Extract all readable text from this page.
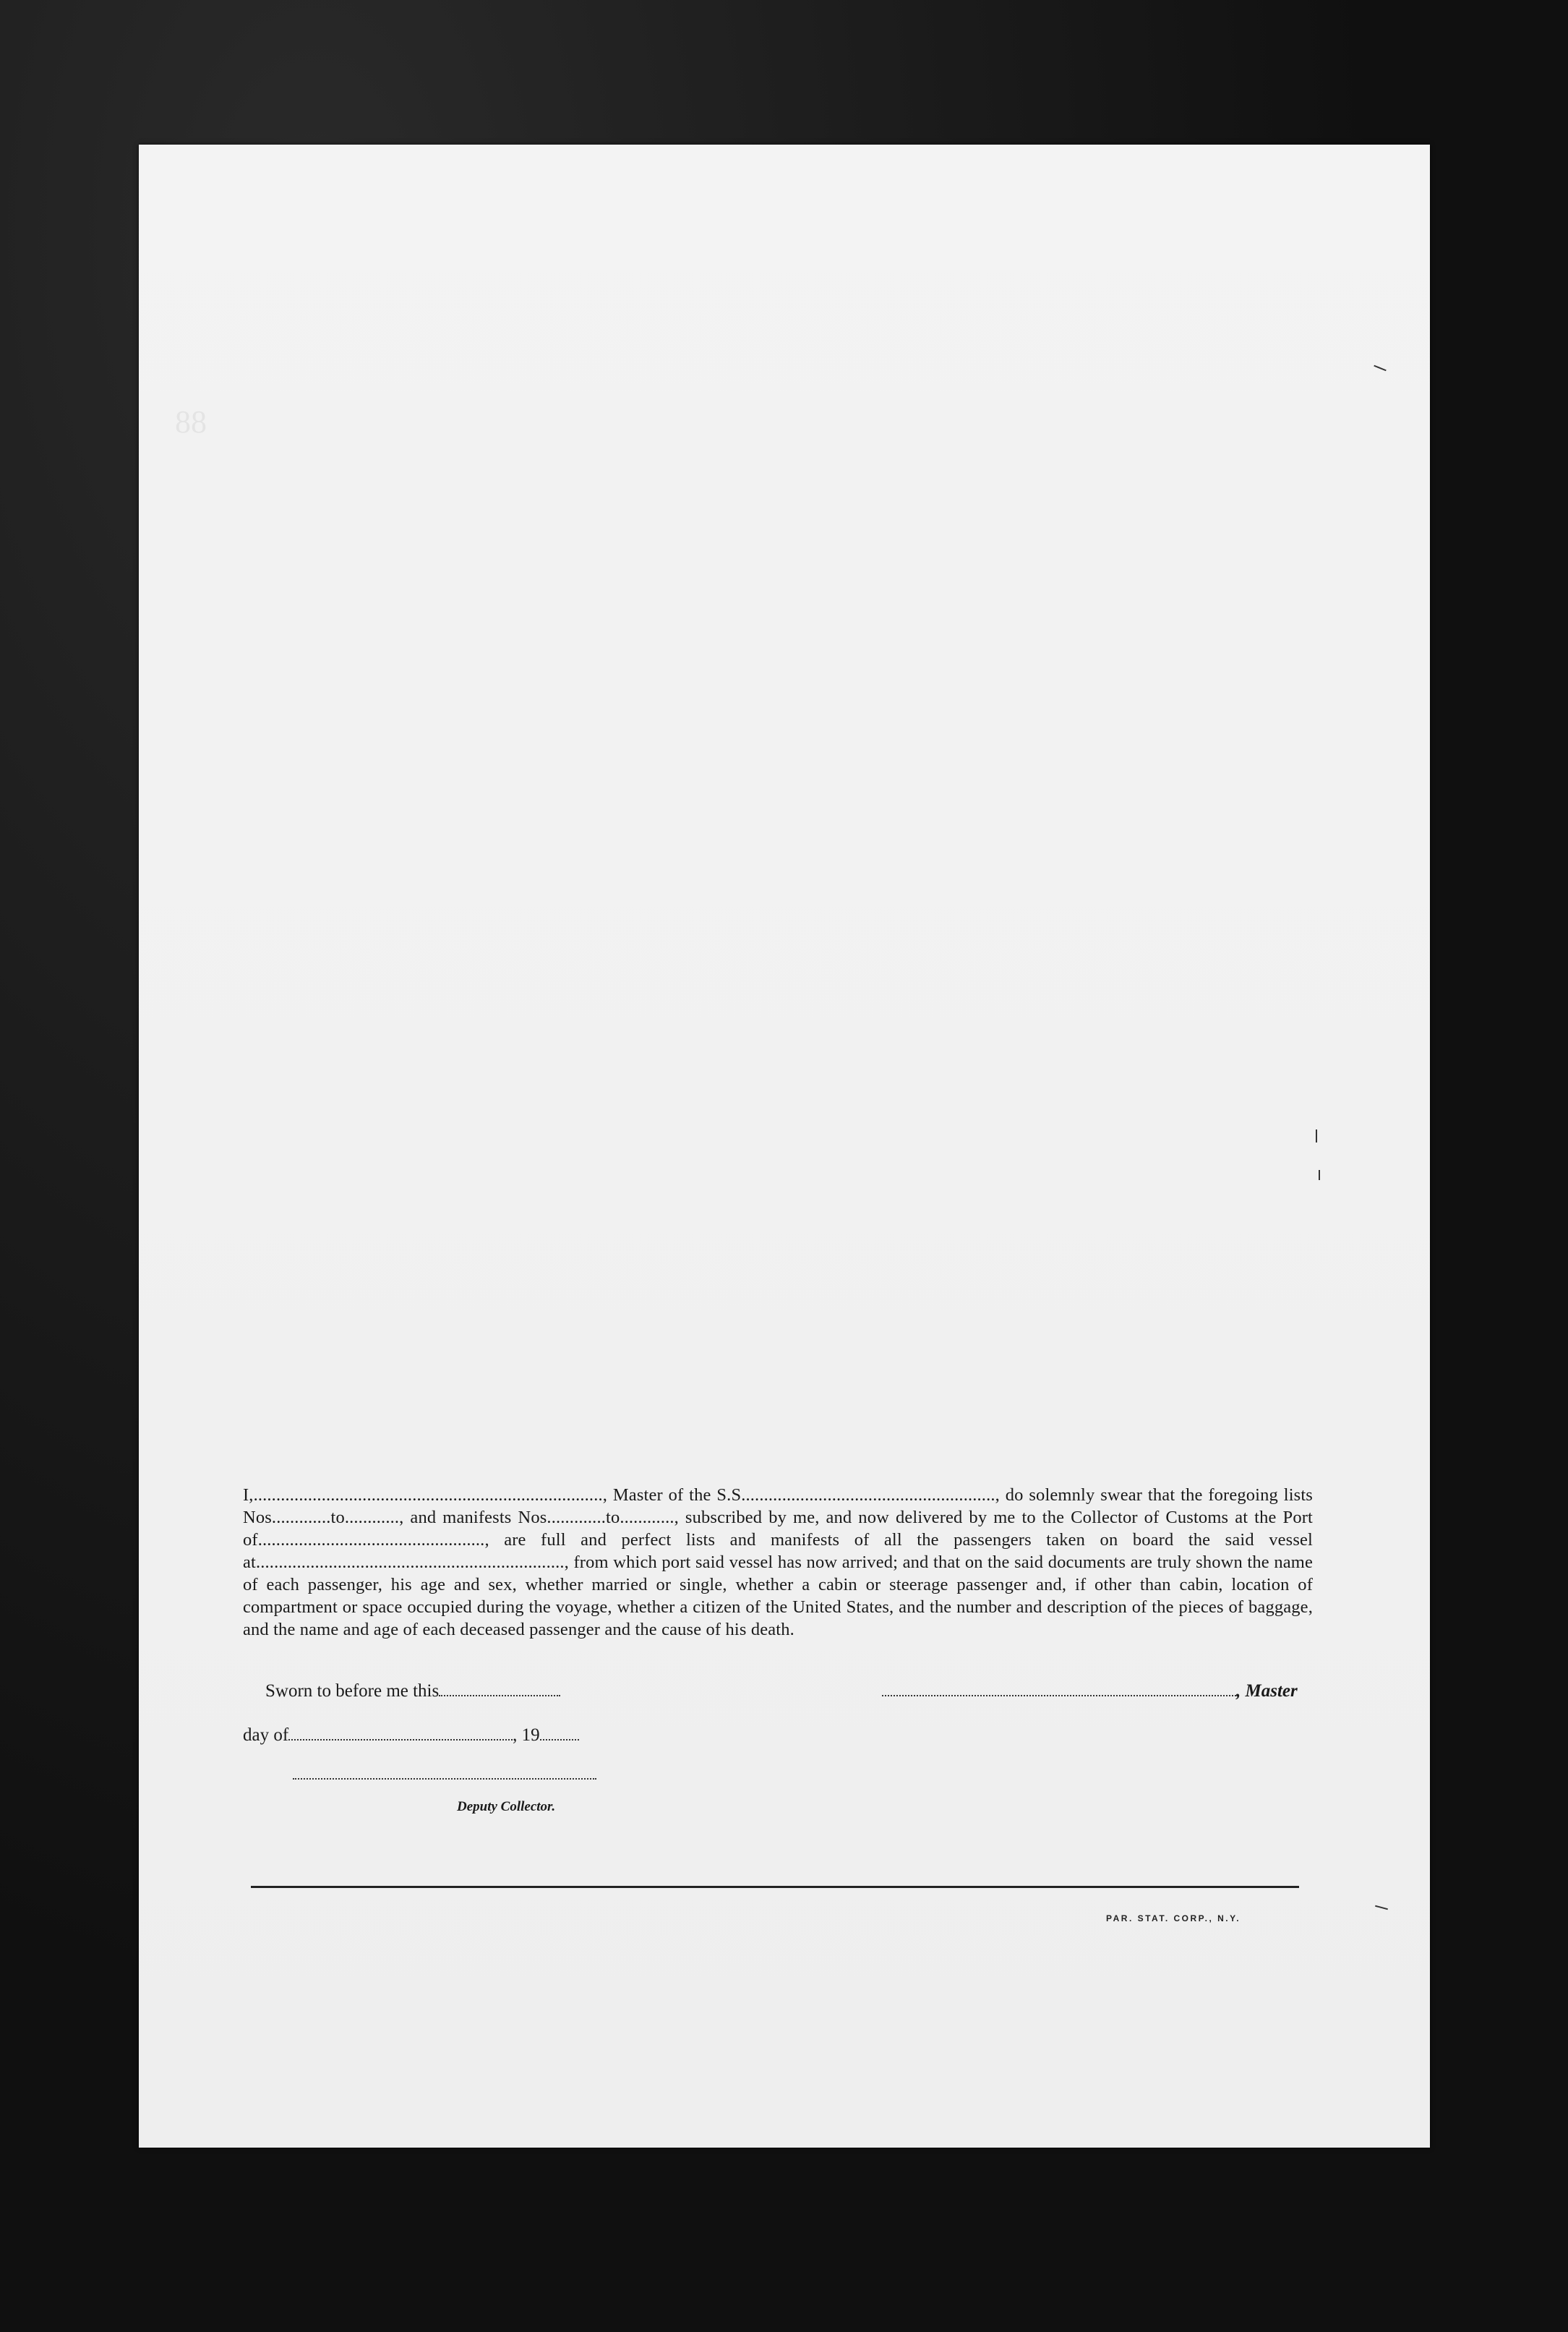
88

I,............................................................................., Master of the S.S........................................................, do solemnly swear that the foregoing lists Nos.............to............, and manifests Nos.............to............, subscribed by me, and now delivered by me to the Collector of Customs at the Port of.................................................., are full and perfect lists and manifests of all the passengers taken on board the said vessel at...................................................................., from which port said vessel has now arrived; and that on the said documents are truly shown the name of each passenger, his age and sex, whether married or single, whether a cabin or steerage passenger and, if other than cabin, location of compartment or space occupied during the voyage, whether a citizen of the United States, and the number and description of the pieces of baggage, and the name and age of each deceased passenger and the cause of his death.

Sworn to before me this	, Master
day of	, 19
Deputy Collector.
PAR. STAT. CORP., N.Y.
